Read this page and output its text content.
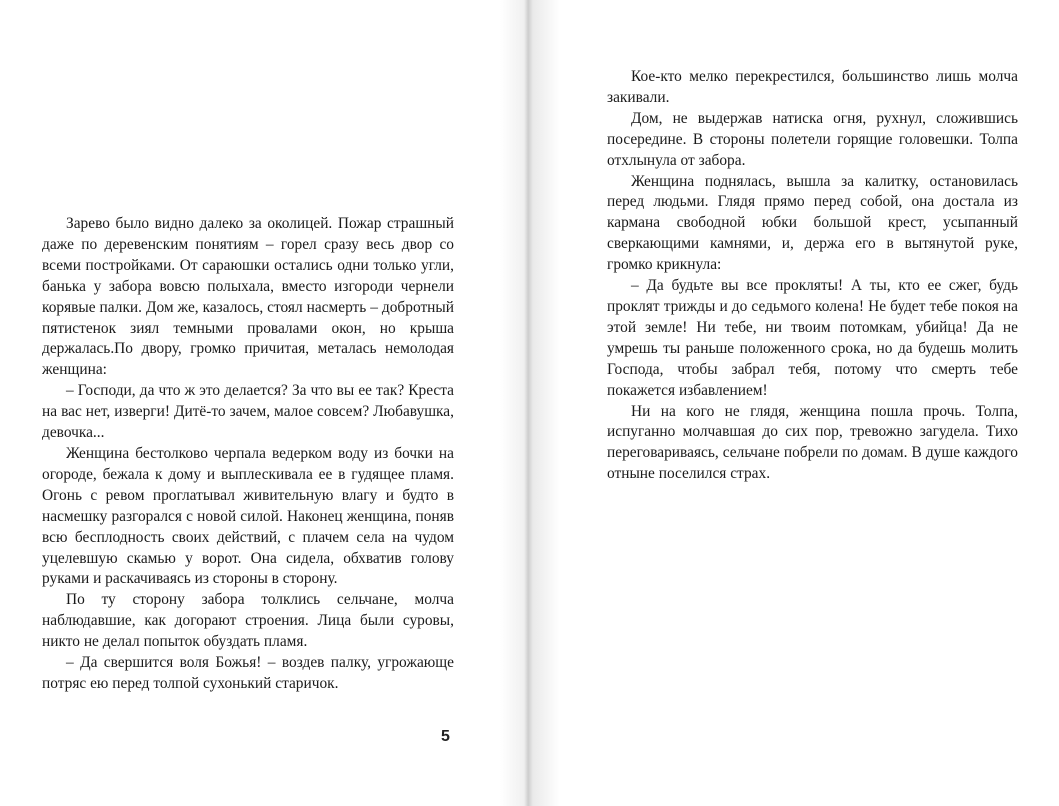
Зарево было видно далеко за околицей. Пожар страшный даже по деревенским понятиям – горел сразу весь двор со всеми постройками. От сараюшки остались одни только угли, банька у забора вовсю полыхала, вместо изгороди чернели корявые палки. Дом же, казалось, стоял насмерть – добротный пятистенок зиял темными провалами окон, но крыша держалась.По двору, громко причитая, металась немолодая женщина:

– Господи, да что ж это делается? За что вы ее так? Креста на вас нет, изверги! Дитё-то зачем, малое совсем? Любавушка, девочка...

Женщина бестолково черпала ведерком воду из бочки на огороде, бежала к дому и выплескивала ее в гудящее пламя. Огонь с ревом проглатывал живительную влагу и будто в насмешку разгорался с новой силой. Наконец женщина, поняв всю бесплодность своих действий, с плачем села на чудом уцелевшую скамью у ворот. Она сидела, обхватив голову руками и раскачиваясь из стороны в сторону.

По ту сторону забора толклись сельчане, молча наблюдавшие, как догорают строения. Лица были суровы, никто не делал попыток обуздать пламя.

– Да свершится воля Божья! – воздев палку, угрожающе потряс ею перед толпой сухонький старичок.

5

Кое-кто мелко перекрестился, большинство лишь молча закивали.

Дом, не выдержав натиска огня, рухнул, сложившись посередине. В стороны полетели горящие головешки. Толпа отхлынула от забора.

Женщина поднялась, вышла за калитку, остановилась перед людьми. Глядя прямо перед собой, она достала из кармана свободной юбки большой крест, усыпанный сверкающими камнями, и, держа его в вытянутой руке, громко крикнула:

– Да будьте вы все прокляты! А ты, кто ее сжег, будь проклят трижды и до седьмого колена! Не будет тебе покоя на этой земле! Ни тебе, ни твоим потомкам, убийца! Да не умрешь ты раньше положенного срока, но да будешь молить Господа, чтобы забрал тебя, потому что смерть тебе покажется избавлением!

Ни на кого не глядя, женщина пошла прочь. Толпа, испуганно молчавшая до сих пор, тревожно загудела. Тихо переговариваясь, сельчане побрели по домам. В душе каждого отныне поселился страх.
